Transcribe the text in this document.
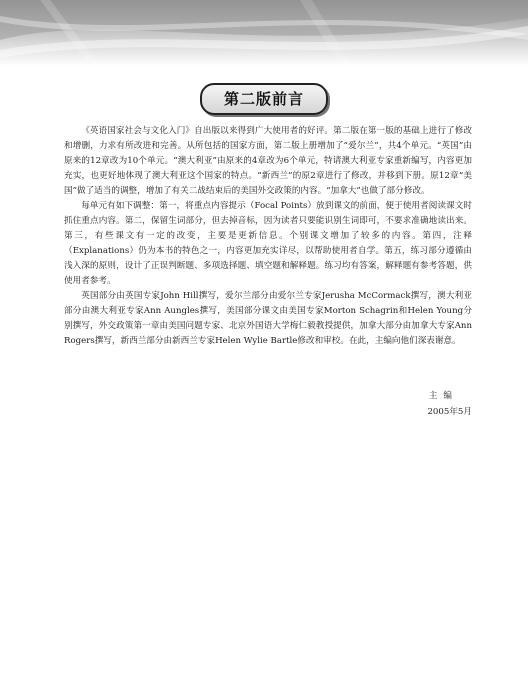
第二版前言

《英语国家社会与文化入门》自出版以来得到广大使用者的好评。第二版在第一版的基础上进行了修改和增删，力求有所改进和完善。从所包括的国家方面，第二版上册增加了“爱尔兰”，共4个单元。“英国”由原来的12章改为10个单元。“澳大利亚”由原来的4章改为6个单元，特请澳大利亚专家重新编写，内容更加充实，也更好地体现了澳大利亚这个国家的特点。“新西兰”的原2章进行了修改，并移到下册。原12章“美国”做了适当的调整，增加了有关二战结束后的美国外交政策的内容。“加拿大”也做了部分修改。

每单元有如下调整：第一，将重点内容提示（Focal Points）放到课文的前面，便于使用者阅读课文时抓住重点内容。第二，保留生词部分，但去掉音标，因为读者只要能识别生词即可，不要求准确地读出来。第三，有些课文有一定的改变，主要是更新信息。个别课文增加了较多的内容。第四，注释（Explanations）仍为本书的特色之一，内容更加充实详尽，以帮助使用者自学。第五，练习部分遵循由浅入深的原则，设计了正误判断题、多项选择题、填空题和解释题。练习均有答案，解释题有参考答题，供使用者参考。

英国部分由英国专家John Hill撰写，爱尔兰部分由爱尔兰专家Jerusha McCormack撰写，澳大利亚部分由澳大利亚专家Ann Aungles撰写，美国部分课文由美国专家Morton Schagrin和Helen Young分别撰写，外交政策第一章由美国问题专家、北京外国语大学梅仁毅教授提供，加拿大部分由加拿大专家Ann Rogers撰写，新西兰部分由新西兰专家Helen Wylie Bartle修改和审校。在此，主编向他们深表谢意。

主编
2005年5月
